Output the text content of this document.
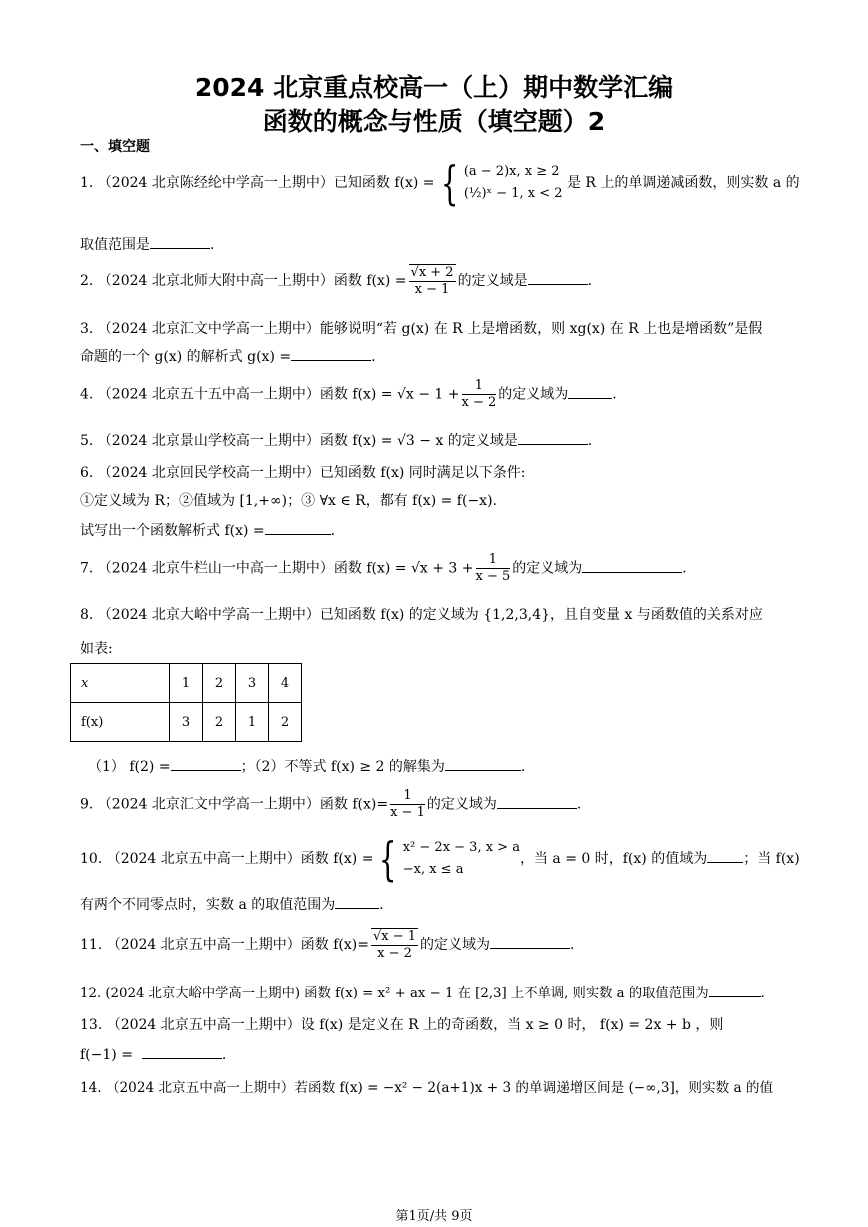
2024 北京重点校高一（上）期中数学汇编
函数的概念与性质（填空题）2
一、填空题
1. （2024 北京陈经纶中学高一上期中）已知函数 f(x) = { (a − 2)x, x ≥ 2
(½)ˣ − 1, x < 2
是 R 上的单调递减函数，则实数 a 的
取值范围是	.
2. （2024 北京北师大附中高一上期中）函数 $f(x) = \frac{√x + 2}{x - 1}$ 的定义域是	.
3. （2024 北京汇文中学高一上期中）能够说明“若 g(x) 在 R 上是增函数，则 xg(x) 在 R 上也是增函数”是假
命题的一个 g(x) 的解析式 g(x) =	.
4. （2024 北京五十五中高一上期中）函数 $f(x) = √x - 1 + \frac{1}{x - 2}$ 的定义域为	.
5. （2024 北京景山学校高一上期中）函数 f(x) = √3 − x 的定义域是	.
6. （2024 北京回民学校高一上期中）已知函数 f(x) 同时满足以下条件:
①定义域为 R；②值域为 [1,+∞)；③ ∀x ∈ R，都有 f(x) = f(−x).
试写出一个函数解析式 f(x) =	.
7. （2024 北京牛栏山一中高一上期中）函数 $f(x) = √x + 3 + \frac{1}{x - 5}$ 的定义域为	.
8. （2024 北京大峪中学高一上期中）已知函数 f(x) 的定义域为 {1,2,3,4}，且自变量 x 与函数值的关系对应
如表:
x	1	2	3	4
f(x)	3	2	1	2
（1） f(2) =	；（2）不等式 f(x) ≥ 2 的解集为	.
9. （2024 北京汇文中学高一上期中）函数 $f(x)= \frac{1}{x - 1}$ 的定义域为	.
10. （2024 北京五中高一上期中）函数 f(x) = { x² − 2x − 3, x > a
−x, x ≤ a
，当 a = 0 时，f(x) 的值域为	；当 f(x)
有两个不同零点时，实数 a 的取值范围为	.
11. （2024 北京五中高一上期中）函数 $f(x)= \frac{√x - 1}{x - 2}$ 的定义域为	.
12. (2024 北京大峪中学高一上期中) 函数 f(x) = x² + ax − 1 在 [2,3] 上不单调, 则实数 a 的取值范围为	.
13. （2024 北京五中高一上期中）设 f(x) 是定义在 R 上的奇函数，当 x ≥ 0 时， f(x) = 2x + b ，则
f(−1) =	.
14. （2024 北京五中高一上期中）若函数 f(x) = −x² − 2(a+1)x + 3 的单调递增区间是 (−∞,3]，则实数 a 的值
第1页/共 9页
